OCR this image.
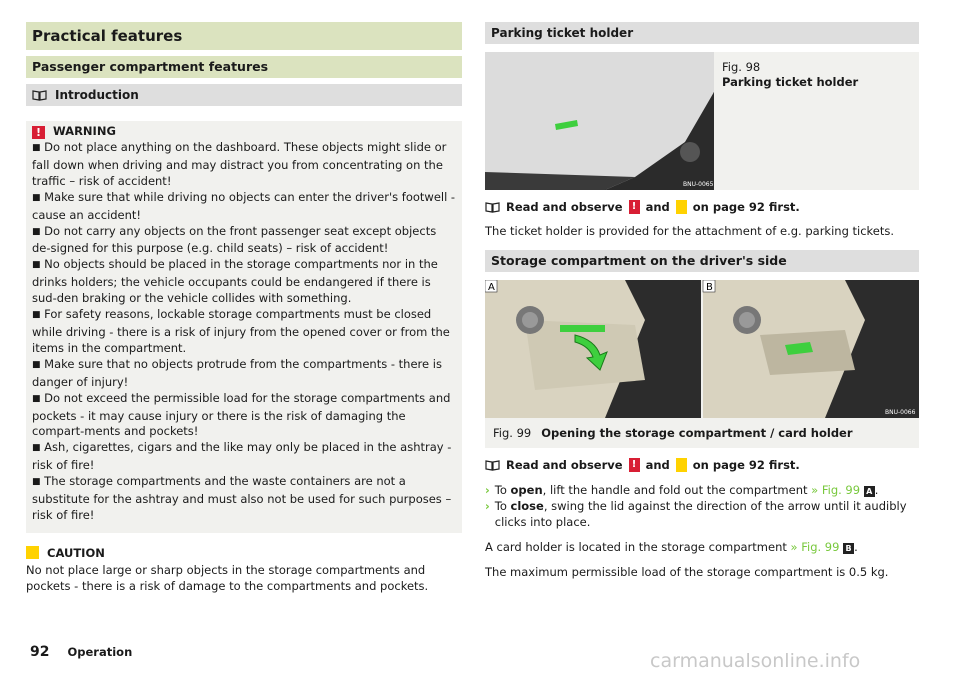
Practical features
Passenger compartment features
Introduction
!	WARNING

■ Do not place anything on the dashboard. These objects might slide or fall down when driving and may distract you from concentrating on the traffic – risk of accident!

■ Make sure that while driving no objects can enter the driver's footwell - cause an accident!

■ Do not carry any objects on the front passenger seat except objects de-signed for this purpose (e.g. child seats) – risk of accident!

■ No objects should be placed in the storage compartments nor in the drinks holders; the vehicle occupants could be endangered if there is sud-den braking or the vehicle collides with something.

■ For safety reasons, lockable storage compartments must be closed while driving - there is a risk of injury from the opened cover or from the items in the compartment.

■ Make sure that no objects protrude from the compartments - there is danger of injury!

■ Do not exceed the permissible load for the storage compartments and pockets - it may cause injury or there is the risk of damaging the compart-ments and pockets!

■ Ash, cigarettes, cigars and the like may only be placed in the ashtray - risk of fire!

■ The storage compartments and the waste containers are not a substitute for the ashtray and must also not be used for such purposes – risk of fire!

CAUTION
No not place large or sharp objects in the storage compartments and pockets - there is a risk of damage to the compartments and pockets.
Parking ticket holder
BNU-0065
Fig. 98
Parking ticket holder
Read and observe ! and on page 92 first.
The ticket holder is provided for the attachment of e.g. parking tickets.
Storage compartment on the driver's side
A	B
BNU-0066
Fig. 99 Opening the storage compartment / card holder
Read and observe ! and on page 92 first.
› To open, lift the handle and fold out the compartment » Fig. 99 A .
› To close, swing the lid against the direction of the arrow until it audibly clicks into place.
A card holder is located in the storage compartment » Fig. 99 B .
The maximum permissible load of the storage compartment is 0.5 kg.
92 Operation	carmanualsonline.info
